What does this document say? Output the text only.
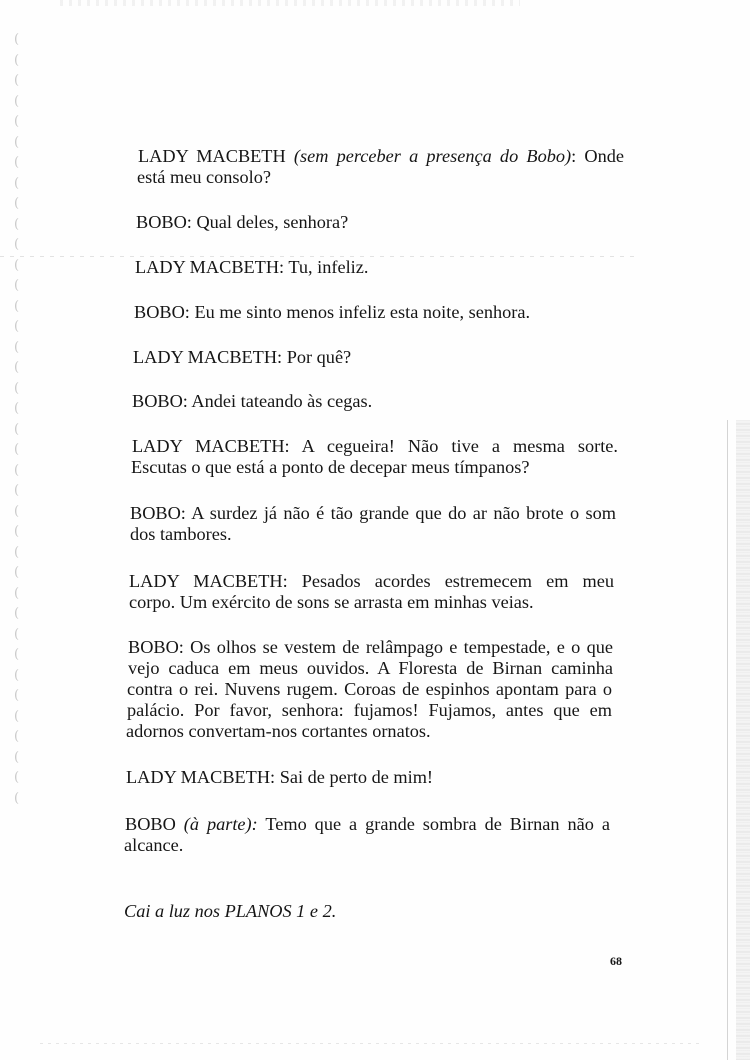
(
(
(
(
(
(
(
(
(
(
(
(
(
(
(
(
(
(
(
(
(
(
(
(
(
(
(
(
(
(
(
(
(
(
(
(
(
(

LADY MACBETH (sem perceber a presença do Bobo): Onde

está meu consolo?

BOBO: Qual deles, senhora?

LADY MACBETH: Tu, infeliz.

BOBO: Eu me sinto menos infeliz esta noite, senhora.

LADY MACBETH: Por quê?

BOBO: Andei tateando às cegas.

LADY MACBETH: A cegueira! Não tive a mesma sorte.

Escutas o que está a ponto de decepar meus tímpanos?

BOBO: A surdez já não é tão grande que do ar não brote o som

dos tambores.

LADY MACBETH: Pesados acordes estremecem em meu

corpo. Um exército de sons se arrasta em minhas veias.

BOBO: Os olhos se vestem de relâmpago e tempestade, e o que

vejo caduca em meus ouvidos. A Floresta de Birnan caminha

contra o rei. Nuvens rugem. Coroas de espinhos apontam para o

palácio. Por favor, senhora: fujamos! Fujamos, antes que em

adornos convertam-nos cortantes ornatos.

LADY MACBETH: Sai de perto de mim!

BOBO (à parte): Temo que a grande sombra de Birnan não a

alcance.

Cai a luz nos PLANOS 1 e 2.

68
